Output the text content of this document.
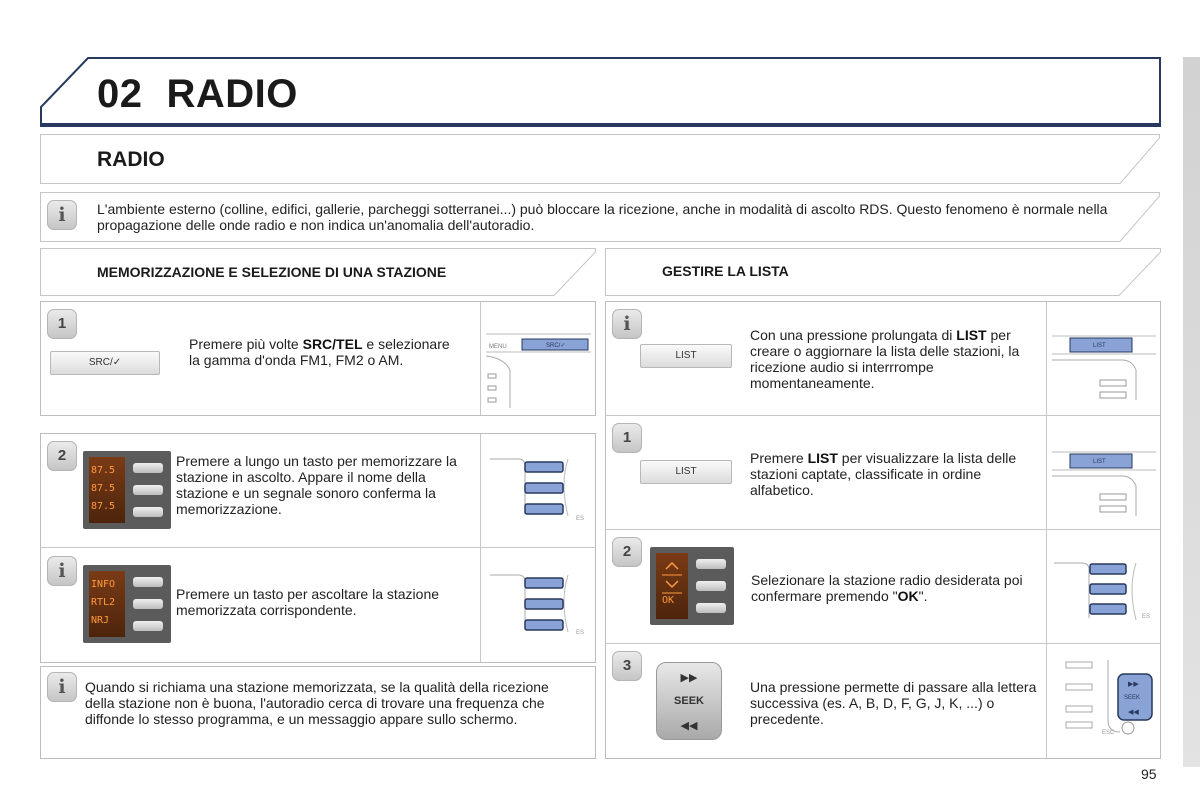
02 RADIO
RADIO
i	L'ambiente esterno (colline, edifici, gallerie, parcheggi sotterranei...) può bloccare la ricezione, anche in modalità di ascolto RDS. Questo fenomeno è normale nella propagazione delle onde radio e non indica un'anomalia dell'autoradio.
MEMORIZZAZIONE E SELEZIONE DI UNA STAZIONE	GESTIRE LA LISTA
1
SRC/✓
Premere più volte SRC/TEL e selezionare la gamma d'onda FM1, FM2 o AM.
MENU	SRC/✓
2
87.5
87.5
87.5
Premere a lungo un tasto per memorizzare la stazione in ascolto. Appare il nome della stazione e un segnale sonoro conferma la memorizzazione.
ES
i
INFO
RTL2
NRJ
Premere un tasto per ascoltare la stazione memorizzata corrispondente.
ES
i	Quando si richiama una stazione memorizzata, se la qualità della ricezione della stazione non è buona, l'autoradio cerca di trovare una frequenza che diffonde lo stesso programma, e un messaggio appare sullo schermo.
i
LIST
Con una pressione prolungata di LIST per creare o aggiornare la lista delle stazioni, la ricezione audio si interrrompe momentaneamente.
LIST
1
LIST
Premere LIST per visualizzare la lista delle stazioni captate, classificate in ordine alfabetico.
LIST
2
OK
Selezionare la stazione radio desiderata poi confermare premendo "OK".
ES
3
▶▶
SEEK
◀◀
Una pressione permette di passare alla lettera successiva (es. A, B, D, F, G, J, K, ...) o precedente.
▶▶
SEEK
◀◀
ESC
95
